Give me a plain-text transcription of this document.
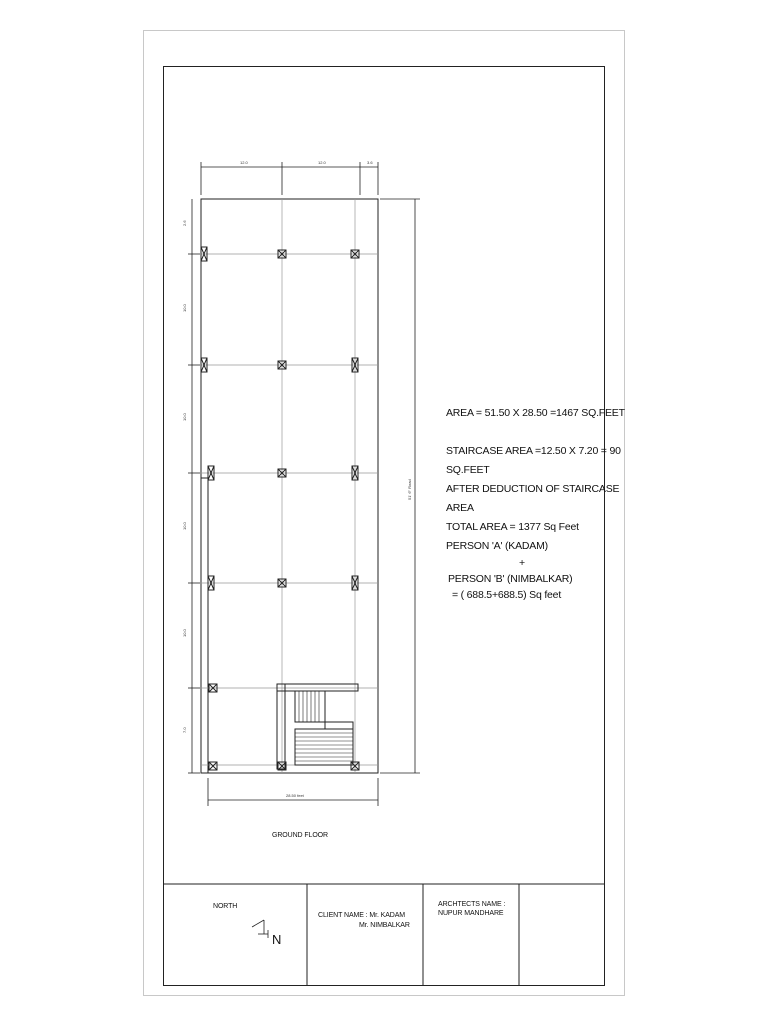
12.0	12.0	3.6
2.6
10.0
10.0
10.0
10.0
7.0
51' 6" Road
28.50 feet
AREA = 51.50 X 28.50 =1467 SQ.FEET
STAIRCASE AREA =12.50 X 7.20 = 90
SQ.FEET
AFTER DEDUCTION OF STAIRCASE
AREA
TOTAL AREA = 1377 Sq Feet
PERSON 'A' (KADAM)
+
PERSON 'B' (NIMBALKAR)
= ( 688.5+688.5) Sq feet
GROUND FLOOR
NORTH
N
CLIENT NAME : Mr. KADAM
Mr. NIMBALKAR
ARCHTECTS NAME :
NUPUR MANDHARE
